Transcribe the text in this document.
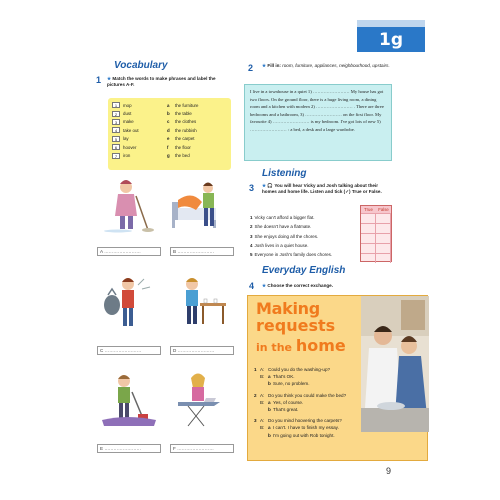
1g
Vocabulary
1 ★ Match the words to make phrases and label the pictures A-F.
1	mop	a	the furniture
2	dust	b	the table
3	make	c	the clothes
4	take out	d	the rubbish
5	lay	e	the carpet
6	hoover	f	the floor
7	iron	g	the bed
A ……………………	B ……………………
C ……………………	D ……………………
E ……………………	F ……………………
2 ★ Fill in: room, furniture, appliances, neighbourhood, upstairs.
I live in a townhouse in a quiet 1) …………………… My house has got two floors. On the ground floor, there is a huge living room, a dining room and a kitchen with modern 2) …………………… . There are three bedrooms and a bathroom, 3) …………………… on the first floor. My favourite 4) …………………… is my bedroom. I've got lots of new 5) …………………… : a bed, a desk and a large wardrobe.
Listening
3 ★ 🎧 You will hear Vicky and Josh talking about their homes and home life. Listen and tick (✓) True or False.
True	False
1 Vicky can't afford a bigger flat.
2 She doesn't have a flatmate.
3 She enjoys doing all the chores.
4 Josh lives in a quiet house.
5 Everyone in Josh's family does chores.
Everyday English
4 ★ Choose the correct exchange.
Making
requests
in the home
1 A: Could you do the washing-up?
B: a That's OK.
b Sure, no problem.
2 A: Do you think you could make the bed?
B: a Yes, of course.
b That's great.
3 A: Do you mind hoovering the carpets?
B: a I can't. I have to finish my essay.
b I'm going out with Rob tonight.
9
